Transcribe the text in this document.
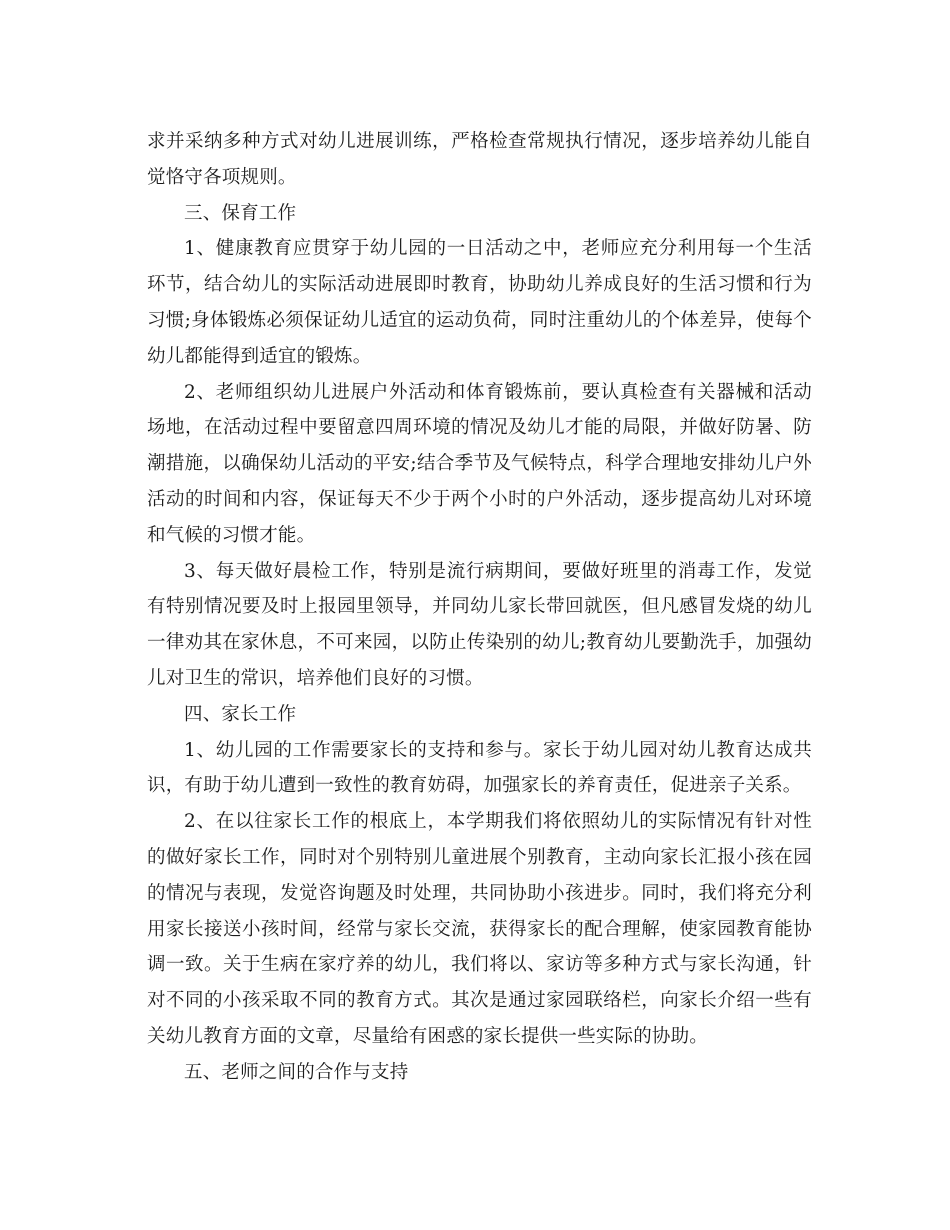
求并采纳多种方式对幼儿进展训练，严格检查常规执行情况，逐步培养幼儿能自觉恪守各项规则。

三、保育工作

1、健康教育应贯穿于幼儿园的一日活动之中，老师应充分利用每一个生活环节，结合幼儿的实际活动进展即时教育，协助幼儿养成良好的生活习惯和行为习惯;身体锻炼必须保证幼儿适宜的运动负荷，同时注重幼儿的个体差异，使每个幼儿都能得到适宜的锻炼。

2、老师组织幼儿进展户外活动和体育锻炼前，要认真检查有关器械和活动场地，在活动过程中要留意四周环境的情况及幼儿才能的局限，并做好防暑、防潮措施，以确保幼儿活动的平安;结合季节及气候特点，科学合理地安排幼儿户外活动的时间和内容，保证每天不少于两个小时的户外活动，逐步提高幼儿对环境和气候的习惯才能。

3、每天做好晨检工作，特别是流行病期间，要做好班里的消毒工作，发觉有特别情况要及时上报园里领导，并同幼儿家长带回就医，但凡感冒发烧的幼儿一律劝其在家休息，不可来园，以防止传染别的幼儿;教育幼儿要勤洗手，加强幼儿对卫生的常识，培养他们良好的习惯。

四、家长工作

1、幼儿园的工作需要家长的支持和参与。家长于幼儿园对幼儿教育达成共识，有助于幼儿遭到一致性的教育妨碍，加强家长的养育责任，促进亲子关系。

2、在以往家长工作的根底上，本学期我们将依照幼儿的实际情况有针对性的做好家长工作，同时对个别特别儿童进展个别教育，主动向家长汇报小孩在园的情况与表现，发觉咨询题及时处理，共同协助小孩进步。同时，我们将充分利用家长接送小孩时间，经常与家长交流，获得家长的配合理解，使家园教育能协调一致。关于生病在家疗养的幼儿，我们将以、家访等多种方式与家长沟通，针对不同的小孩采取不同的教育方式。其次是通过家园联络栏，向家长介绍一些有关幼儿教育方面的文章，尽量给有困惑的家长提供一些实际的协助。

五、老师之间的合作与支持
